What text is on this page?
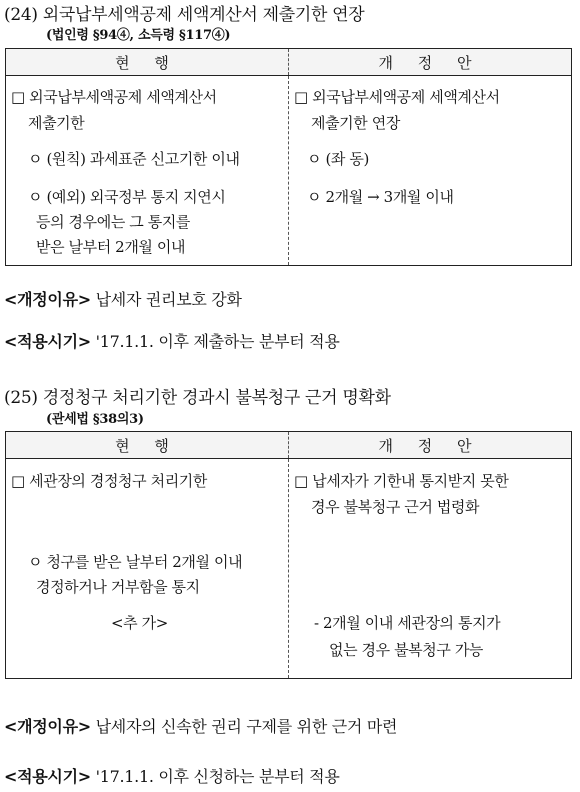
(24) 외국납부세액공제 세액계산서 제출기한 연장
(법인령 §94④, 소득령 §117④)
현 행	개 정 안
□ 외국납부세액공제 세액계산서
제출기한
ㅇ (원칙) 과세표준 신고기한 이내
ㅇ (예외) 외국정부 통지 지연시
등의 경우에는 그 통지를
받은 날부터 2개월 이내
□ 외국납부세액공제 세액계산서
제출기한 연장
ㅇ (좌 동)
ㅇ 2개월 → 3개월 이내
<개정이유> 납세자 권리보호 강화
<적용시기> '17.1.1. 이후 제출하는 분부터 적용
(25) 경정청구 처리기한 경과시 불복청구 근거 명확화
(관세법 §38의3)
현 행	개 정 안
□ 세관장의 경정청구 처리기한
ㅇ 청구를 받은 날부터 2개월 이내
경정하거나 거부함을 통지
<추 가>
□ 납세자가 기한내 통지받지 못한
경우 불복청구 근거 법령화
- 2개월 이내 세관장의 통지가
없는 경우 불복청구 가능
<개정이유> 납세자의 신속한 권리 구제를 위한 근거 마련
<적용시기> '17.1.1. 이후 신청하는 분부터 적용
